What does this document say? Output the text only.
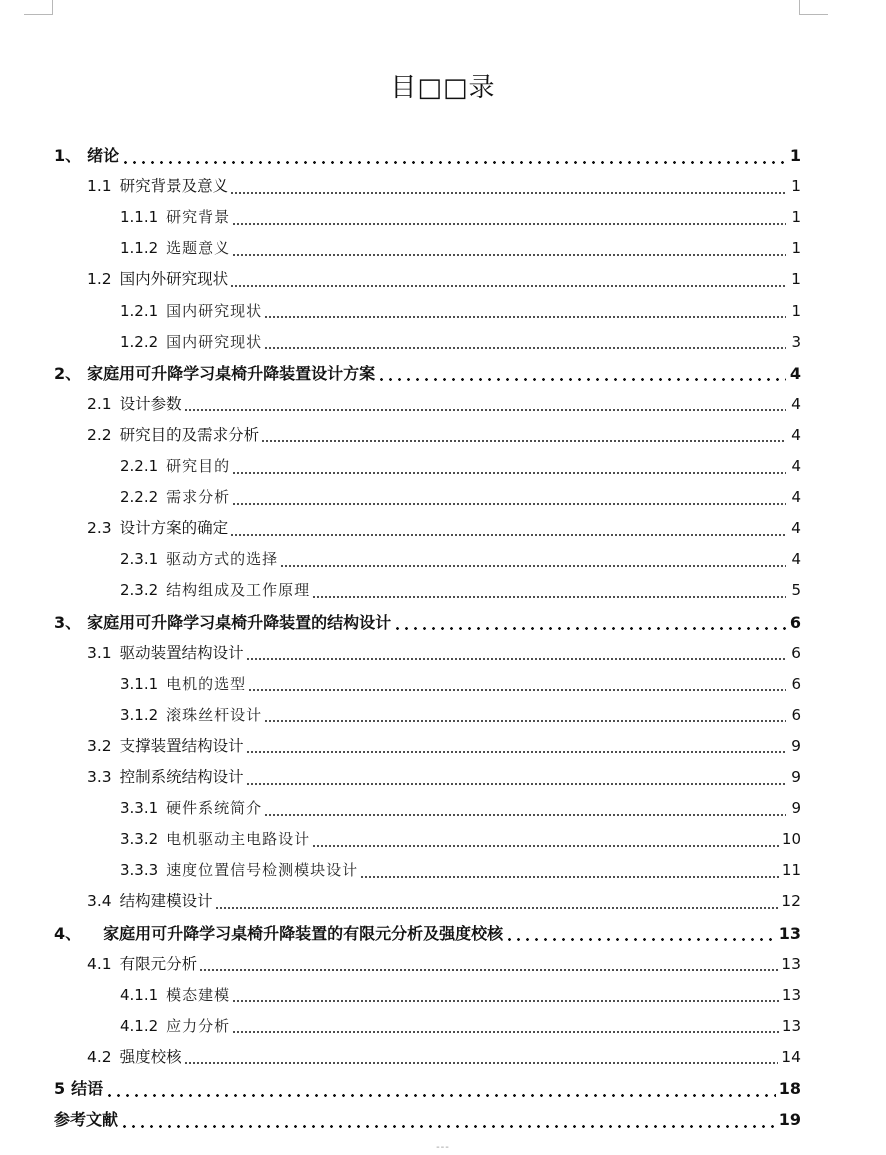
目□□录
1、 绪论	1
1.1 研究背景及意义	1
1.1.1 研究背景	1
1.1.2 选题意义	1
1.2 国内外研究现状	1
1.2.1 国内研究现状	1
1.2.2 国内研究现状	3
2、 家庭用可升降学习桌椅升降装置设计方案	4
2.1 设计参数	4
2.2 研究目的及需求分析	4
2.2.1 研究目的	4
2.2.2 需求分析	4
2.3 设计方案的确定	4
2.3.1 驱动方式的选择	4
2.3.2 结构组成及工作原理	5
3、 家庭用可升降学习桌椅升降装置的结构设计	6
3.1 驱动装置结构设计	6
3.1.1 电机的选型	6
3.1.2 滚珠丝杆设计	6
3.2 支撑装置结构设计	9
3.3 控制系统结构设计	9
3.3.1 硬件系统简介	9
3.3.2 电机驱动主电路设计	10
3.3.3 速度位置信号检测模块设计	11
3.4 结构建模设计	12
4、 家庭用可升降学习桌椅升降装置的有限元分析及强度校核	13
4.1 有限元分析	13
4.1.1 模态建模	13
4.1.2 应力分析	13
4.2 强度校核	14
5 结语	18
参考文献	19
---
